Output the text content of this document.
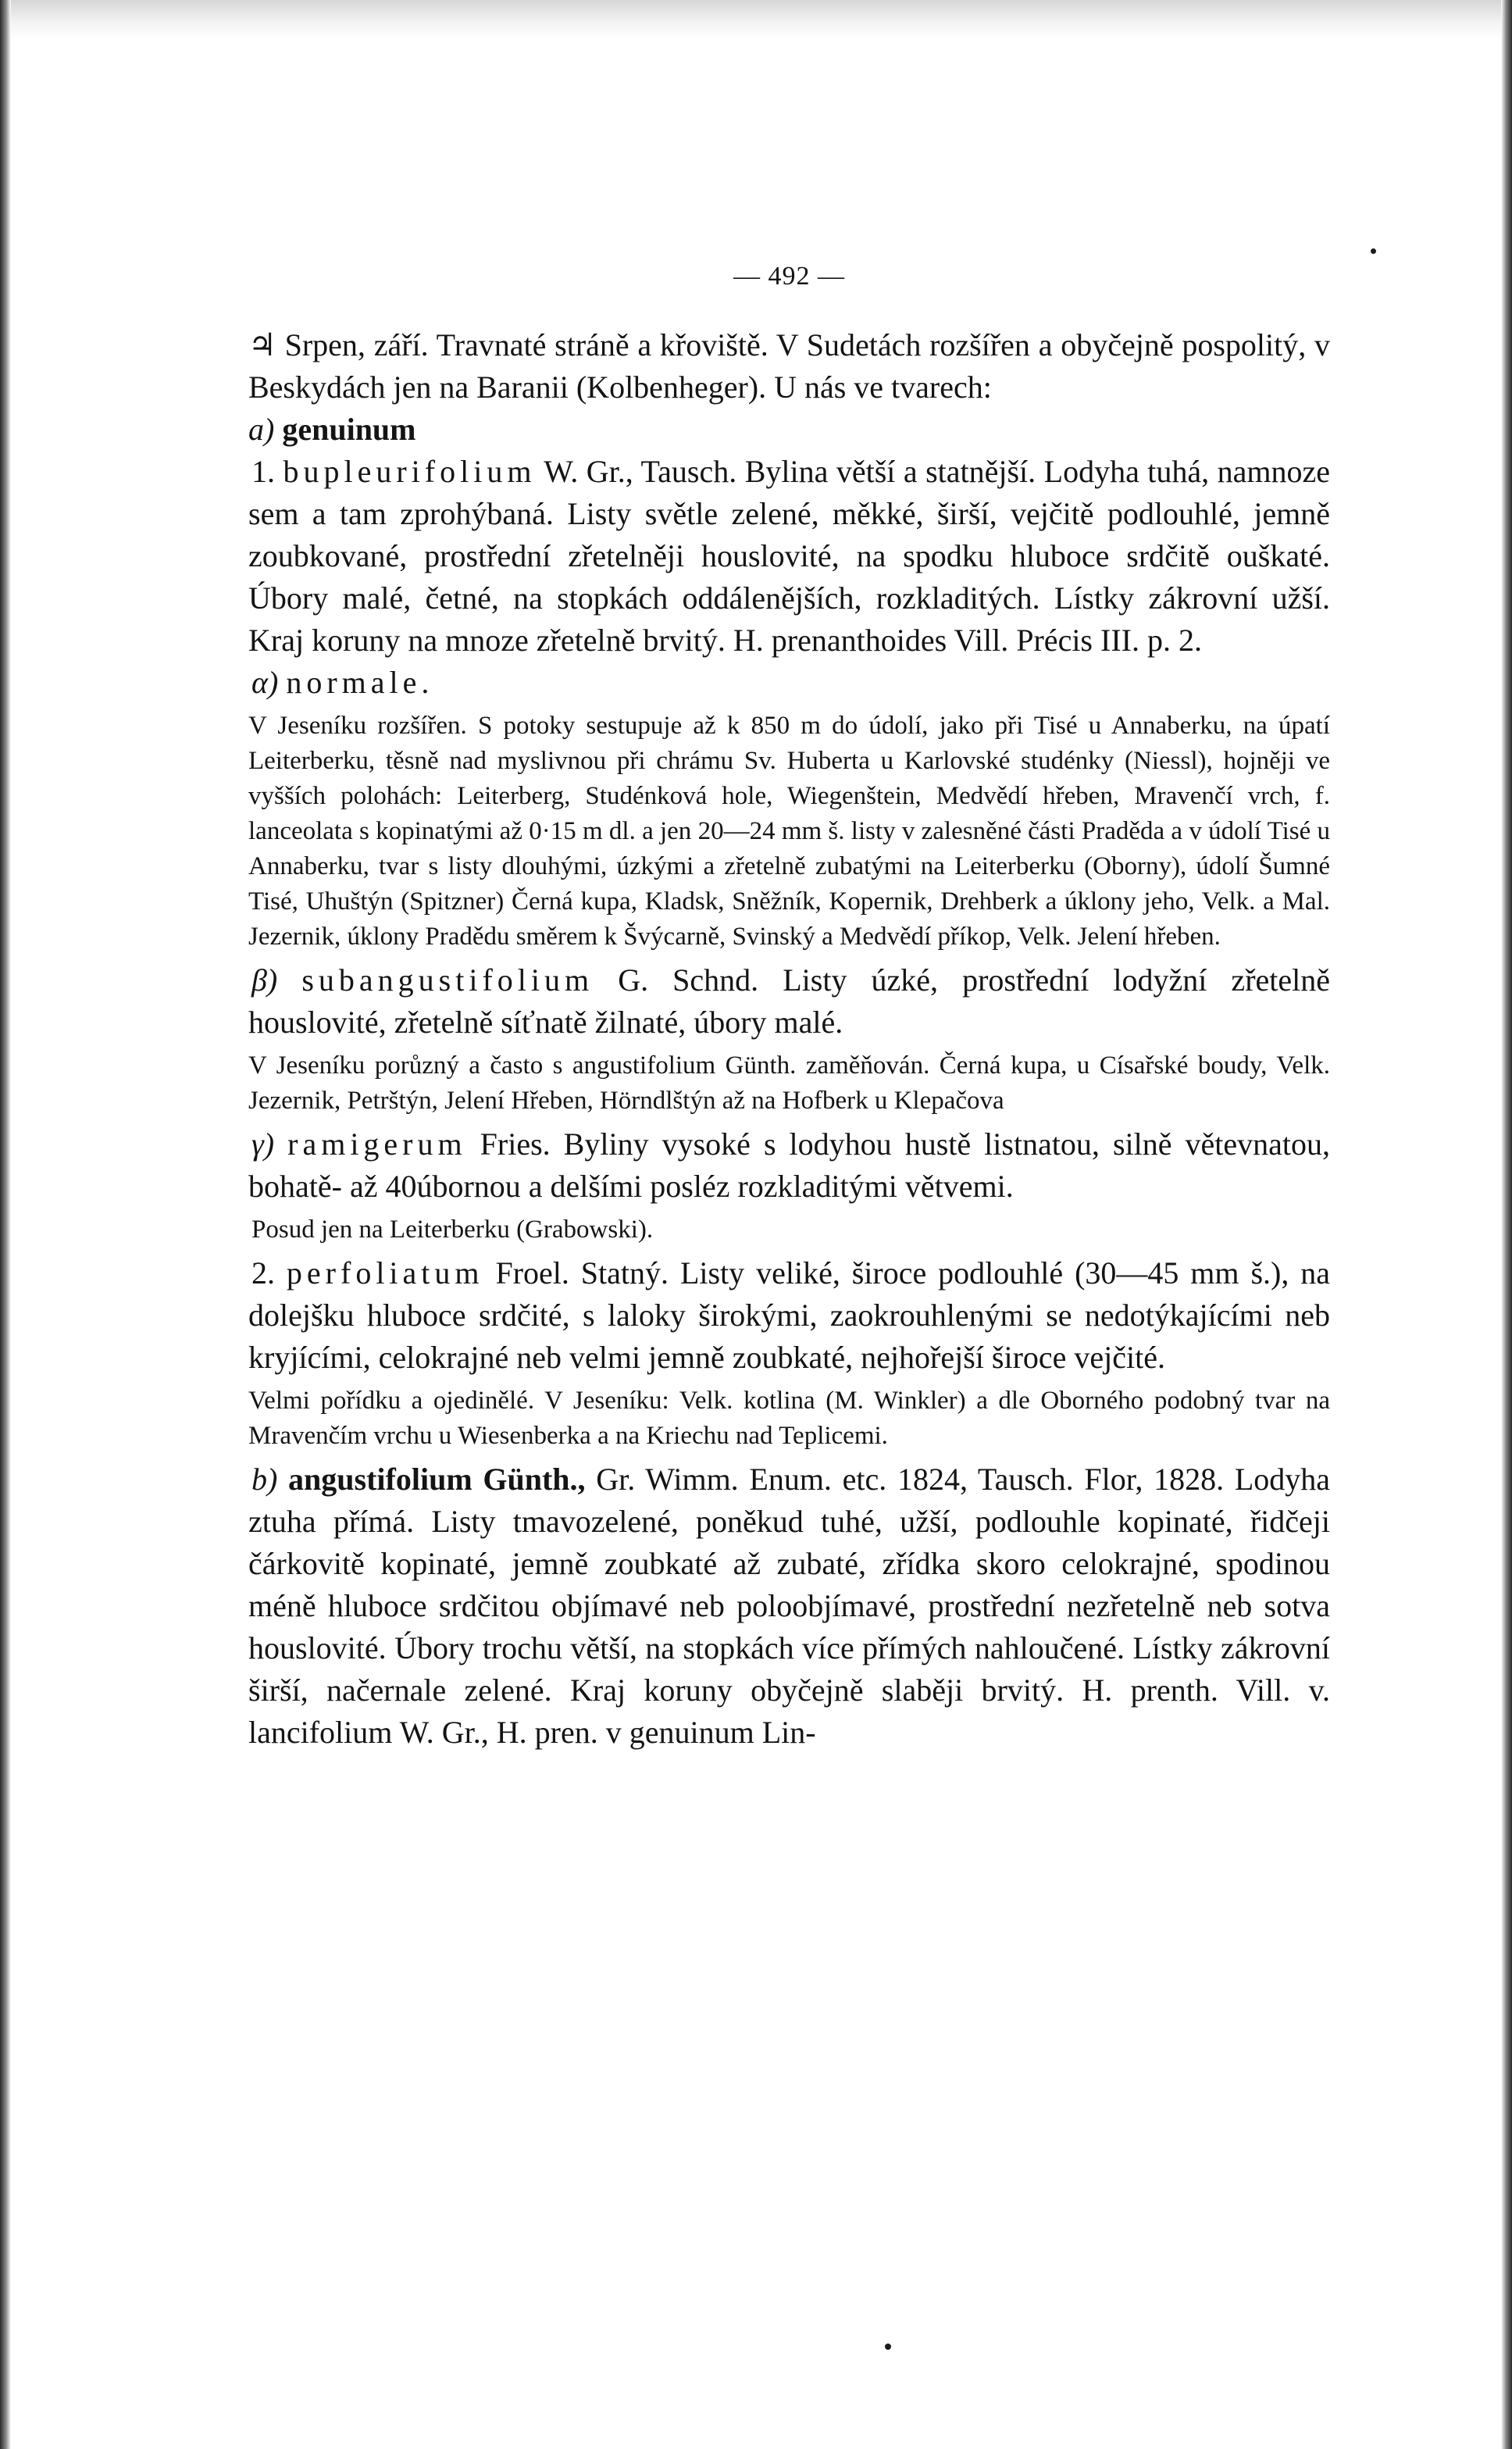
— 492 —

♃ Srpen, září. Travnaté stráně a křoviště. V Sudetách rozšířen a obyčejně pospolitý, v Beskydách jen na Baranii (Kolbenheger). U nás ve tvarech:

a) genuinum

1. bupleurifolium W. Gr., Tausch. Bylina větší a statnější. Lodyha tuhá, namnoze sem a tam zprohýbaná. Listy světle zelené, měkké, širší, vejčitě podlouhlé, jemně zoubkované, prostřední zřetelněji houslovité, na spodku hluboce srdčitě ouškaté. Úbory malé, četné, na stopkách oddálenějších, rozkladitých. Lístky zákrovní užší. Kraj koruny na mnoze zřetelně brvitý. H. prenanthoides Vill. Précis III. p. 2.

α) normale.

V Jeseníku rozšířen. S potoky sestupuje až k 850 m do údolí, jako při Tisé u Annaberku, na úpatí Leiterberku, těsně nad myslivnou při chrámu Sv. Huberta u Karlovské studénky (Niessl), hojněji ve vyšších polohách: Leiterberg, Studénková hole, Wiegenštein, Medvědí hřeben, Mravenčí vrch, f. lanceolata s kopinatými až 0·15 m dl. a jen 20—24 mm š. listy v zalesněné části Praděda a v údolí Tisé u Annaberku, tvar s listy dlouhými, úzkými a zřetelně zubatými na Leiterberku (Oborny), údolí Šumné Tisé, Uhuštýn (Spitzner) Černá kupa, Kladsk, Sněžník, Kopernik, Drehberk a úklony jeho, Velk. a Mal. Jezernik, úklony Pradědu směrem k Švýcarně, Svinský a Medvědí příkop, Velk. Jelení hřeben.

β) subangustifolium G. Schnd. Listy úzké, prostřední lodyžní zřetelně houslovité, zřetelně síťnatě žilnaté, úbory malé.

V Jeseníku porůzný a často s angustifolium Günth. zaměňován. Černá kupa, u Císařské boudy, Velk. Jezernik, Petrštýn, Jelení Hřeben, Hörndlštýn až na Hofberk u Klepačova

γ) ramigerum Fries. Byliny vysoké s lodyhou hustě listnatou, silně větevnatou, bohatě- až 40úbornou a delšími posléz rozkladitými větvemi.

Posud jen na Leiterberku (Grabowski).

2. perfoliatum Froel. Statný. Listy veliké, široce podlouhlé (30—45 mm š.), na dolejšku hluboce srdčité, s laloky širokými, zaokrouhlenými se nedotýkajícími neb kryjícími, celokrajné neb velmi jemně zoubkaté, nejhořejší široce vejčité.

Velmi pořídku a ojedinělé. V Jeseníku: Velk. kotlina (M. Winkler) a dle Oborného podobný tvar na Mravenčím vrchu u Wiesenberka a na Kriechu nad Teplicemi.

b) angustifolium Günth., Gr. Wimm. Enum. etc. 1824, Tausch. Flor, 1828. Lodyha ztuha přímá. Listy tmavozelené, poněkud tuhé, užší, podlouhle kopinaté, řidčeji čárkovitě kopinaté, jemně zoubkaté až zubaté, zřídka skoro celokrajné, spodinou méně hluboce srdčitou objímavé neb poloobjímavé, prostřední nezřetelně neb sotva houslovité. Úbory trochu větší, na stopkách více přímých nahloučené. Lístky zákrovní širší, načernale zelené. Kraj koruny obyčejně slaběji brvitý. H. prenth. Vill. v. lancifolium W. Gr., H. pren. v genuinum Lin-
